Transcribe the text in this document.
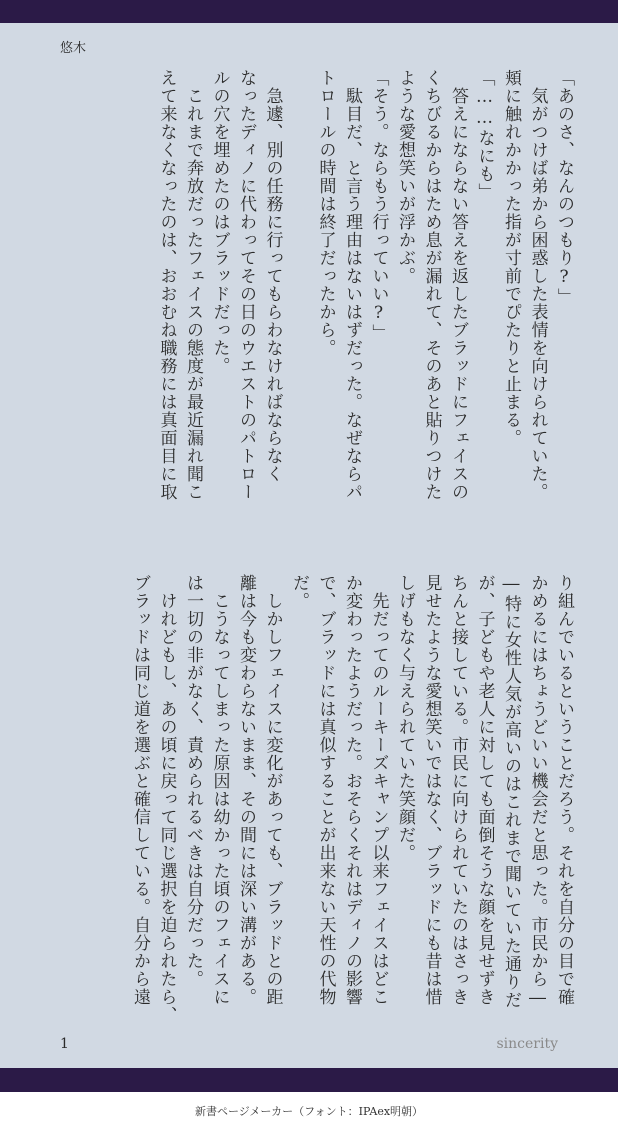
悠木
「あのさ、なんのつもり?」
　気がつけば弟から困惑した表情を向けられていた。
頬に触れかかった指が寸前でぴたりと止まる。
「……なにも」
　答えにならない答えを返したブラッドにフェイスの
くちびるからはため息が漏れて、そのあと貼りつけた
ような愛想笑いが浮かぶ。
「そう。ならもう行っていい?」
　駄目だ、と言う理由はないはずだった。なぜならパ
トロールの時間は終了だったから。
　急遽、別の任務に行ってもらわなければならなく
なったディノに代わってその日のウエストのパトロー
ルの穴を埋めたのはブラッドだった。
　これまで奔放だったフェイスの態度が最近漏れ聞こ
えて来なくなったのは、おおむね職務には真面目に取
り組んでいるということだろう。それを自分の目で確
かめるにはちょうどいい機会だと思った。市民から―
―特に女性人気が高いのはこれまで聞いていた通りだ
が、子どもや老人に対しても面倒そうな顔を見せずき
ちんと接している。市民に向けられていたのはさっき
見せたような愛想笑いではなく、ブラッドにも昔は惜
しげもなく与えられていた笑顔だ。
　先だってのルーキーズキャンプ以来フェイスはどこ
か変わったようだった。おそらくそれはディノの影響
で、ブラッドには真似することが出来ない天性の代物
だ。
　しかしフェイスに変化があっても、ブラッドとの距
離は今も変わらないまま、その間には深い溝がある。
　こうなってしまった原因は幼かった頃のフェイスに
は一切の非がなく、責められるべきは自分だった。
　けれどもし、あの頃に戻って同じ選択を迫られたら、
ブラッドは同じ道を選ぶと確信している。自分から遠
1	sincerity
新書ページメーカー（フォント：IPAex明朝）
